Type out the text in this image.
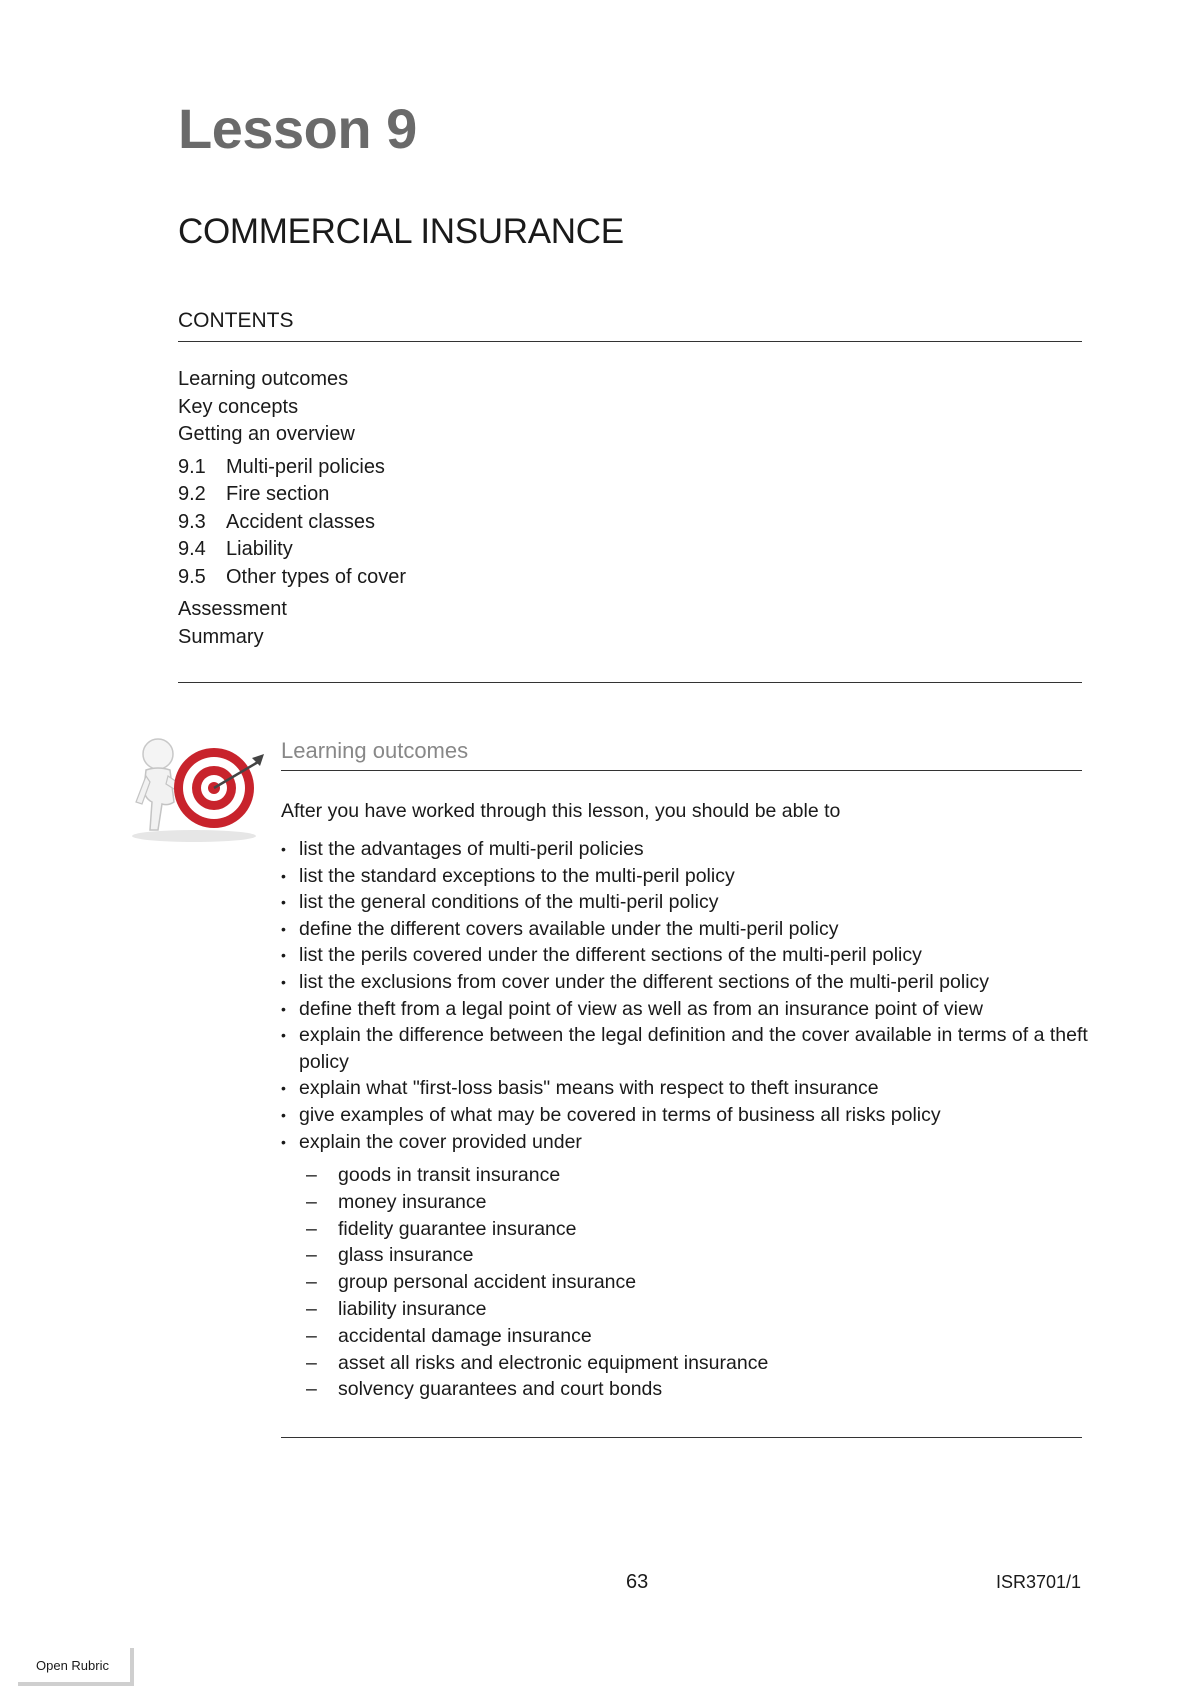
Lesson 9
COMMERCIAL INSURANCE
CONTENTS
Learning outcomes
Key concepts
Getting an overview
9.1 Multi-peril policies
9.2 Fire section
9.3 Accident classes
9.4 Liability
9.5 Other types of cover
Assessment
Summary
Learning outcomes
After you have worked through this lesson, you should be able to
• list the advantages of multi-peril policies
• list the standard exceptions to the multi-peril policy
• list the general conditions of the multi-peril policy
• define the different covers available under the multi-peril policy
• list the perils covered under the different sections of the multi-peril policy
• list the exclusions from cover under the different sections of the multi-peril policy
• define theft from a legal point of view as well as from an insurance point of view
• explain the difference between the legal definition and the cover available in terms of a theft policy
• explain what "first-loss basis" means with respect to theft insurance
• give examples of what may be covered in terms of business all risks policy
• explain the cover provided under
– goods in transit insurance
– money insurance
– fidelity guarantee insurance
– glass insurance
– group personal accident insurance
– liability insurance
– accidental damage insurance
– asset all risks and electronic equipment insurance
– solvency guarantees and court bonds
63	ISR3701/1
Open Rubric
